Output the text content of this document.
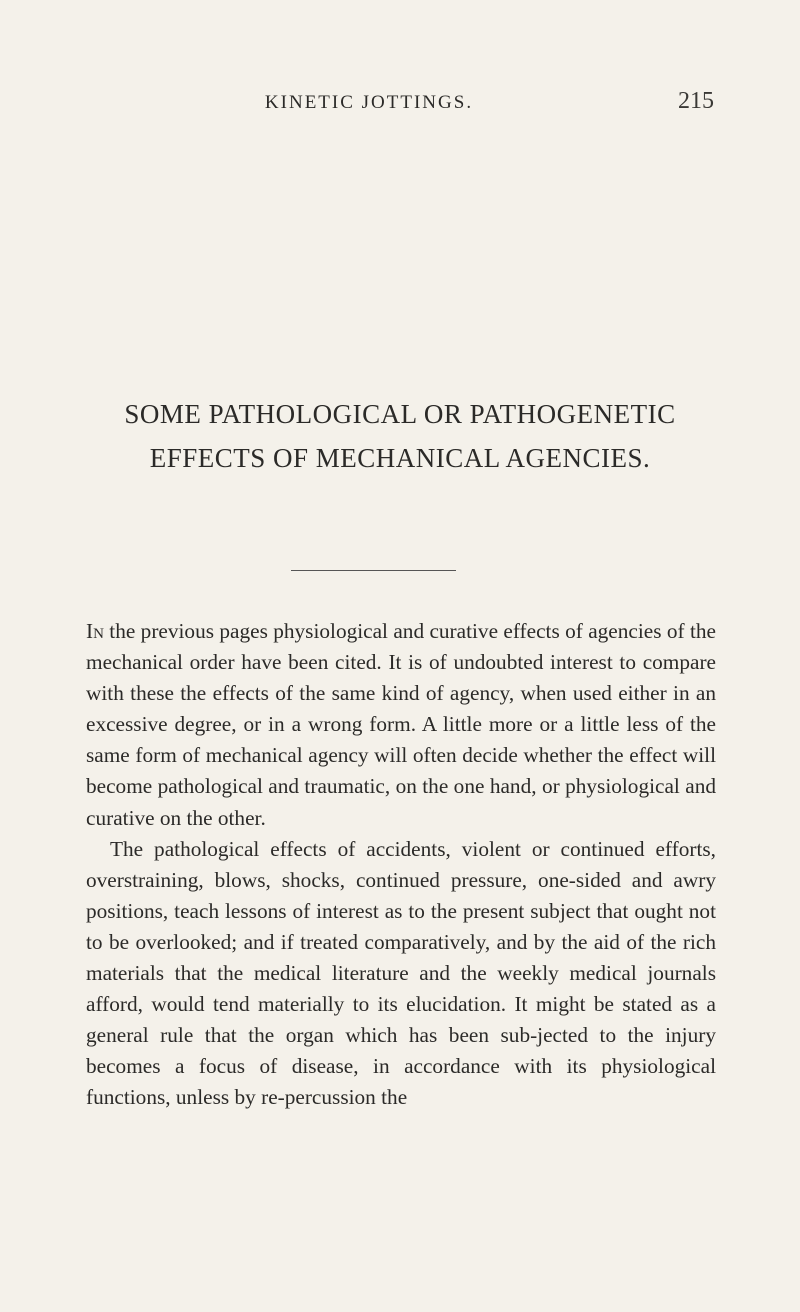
KINETIC JOTTINGS.	215
SOME PATHOLOGICAL OR PATHOGENETIC
EFFECTS OF MECHANICAL AGENCIES.

In the previous pages physiological and curative effects of agencies of the mechanical order have been cited. It is of undoubted interest to compare with these the effects of the same kind of agency, when used either in an excessive degree, or in a wrong form. A little more or a little less of the same form of mechanical agency will often decide whether the effect will become pathological and traumatic, on the one hand, or physiological and curative on the other.

The pathological effects of accidents, violent or continued efforts, overstraining, blows, shocks, continued pressure, one-sided and awry positions, teach lessons of interest as to the present subject that ought not to be overlooked; and if treated comparatively, and by the aid of the rich materials that the medical literature and the weekly medical journals afford, would tend materially to its elucidation. It might be stated as a general rule that the organ which has been sub-jected to the injury becomes a focus of disease, in accordance with its physiological functions, unless by re-percussion the
